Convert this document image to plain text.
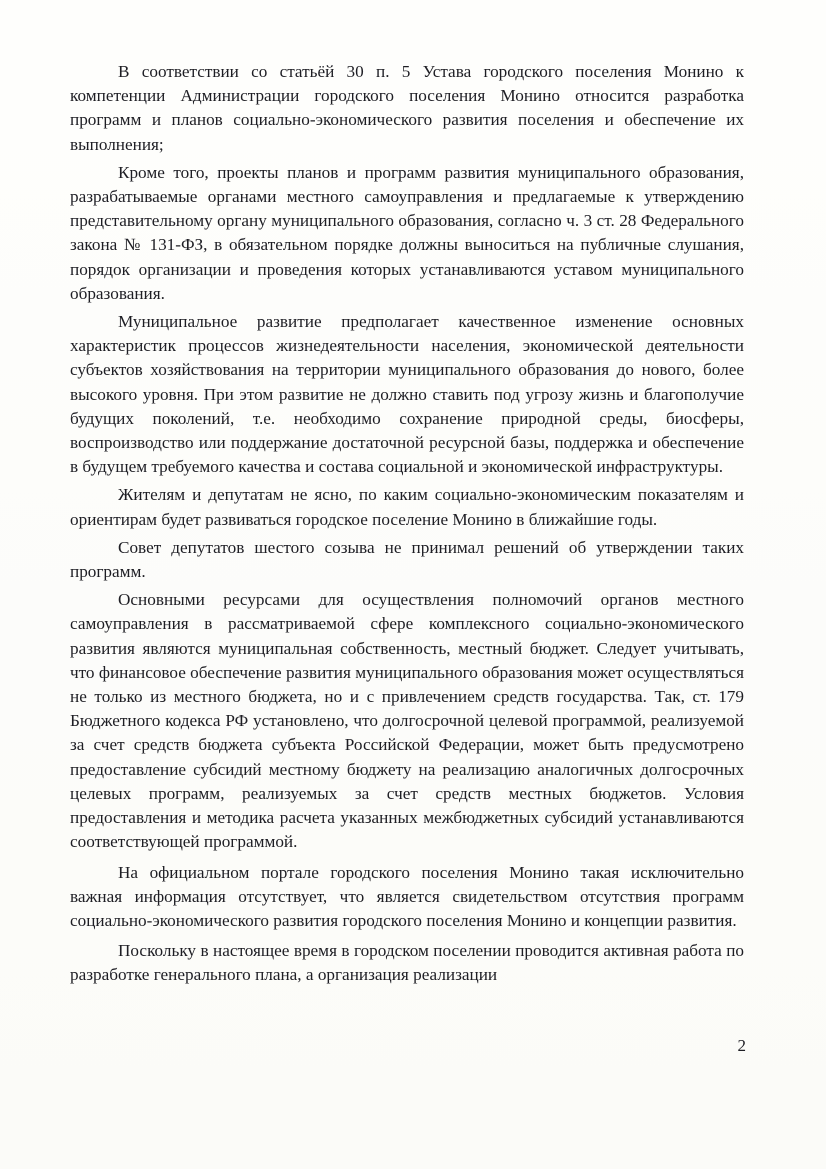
В соответствии со статьёй 30 п. 5 Устава городского поселения Монино к компетенции Администрации городского поселения Монино относится разработка программ и планов социально-экономического развития поселения и обеспечение их выполнения;

Кроме того, проекты планов и программ развития муниципального образования, разрабатываемые органами местного самоуправления и предлагаемые к утверждению представительному органу муниципального образования, согласно ч. 3 ст. 28 Федерального закона № 131-ФЗ, в обязательном порядке должны выноситься на публичные слушания, порядок организации и проведения которых устанавливаются уставом муниципального образования.

Муниципальное развитие предполагает качественное изменение основных характеристик процессов жизнедеятельности населения, экономической деятельности субъектов хозяйствования на территории муниципального образования до нового, более высокого уровня. При этом развитие не должно ставить под угрозу жизнь и благополучие будущих поколений, т.е. необходимо сохранение природной среды, биосферы, воспроизводство или поддержание достаточной ресурсной базы, поддержка и обеспечение в будущем требуемого качества и состава социальной и экономической инфраструктуры.

Жителям и депутатам не ясно, по каким социально-экономическим показателям и ориентирам будет развиваться городское поселение Монино в ближайшие годы.

Совет депутатов шестого созыва не принимал решений об утверждении таких программ.

Основными ресурсами для осуществления полномочий органов местного самоуправления в рассматриваемой сфере комплексного социально-экономического развития являются муниципальная собственность, местный бюджет. Следует учитывать, что финансовое обеспечение развития муниципального образования может осуществляться не только из местного бюджета, но и с привлечением средств государства. Так, ст. 179 Бюджетного кодекса РФ установлено, что долгосрочной целевой программой, реализуемой за счет средств бюджета субъекта Российской Федерации, может быть предусмотрено предоставление субсидий местному бюджету на реализацию аналогичных долгосрочных целевых программ, реализуемых за счет средств местных бюджетов. Условия предоставления и методика расчета указанных межбюджетных субсидий устанавливаются соответствующей программой.

На официальном портале городского поселения Монино такая исключительно важная информация отсутствует, что является свидетельством отсутствия программ социально-экономического развития городского поселения Монино и концепции развития.

Поскольку в настоящее время в городском поселении проводится активная работа по разработке генерального плана, а организация реализации

2
